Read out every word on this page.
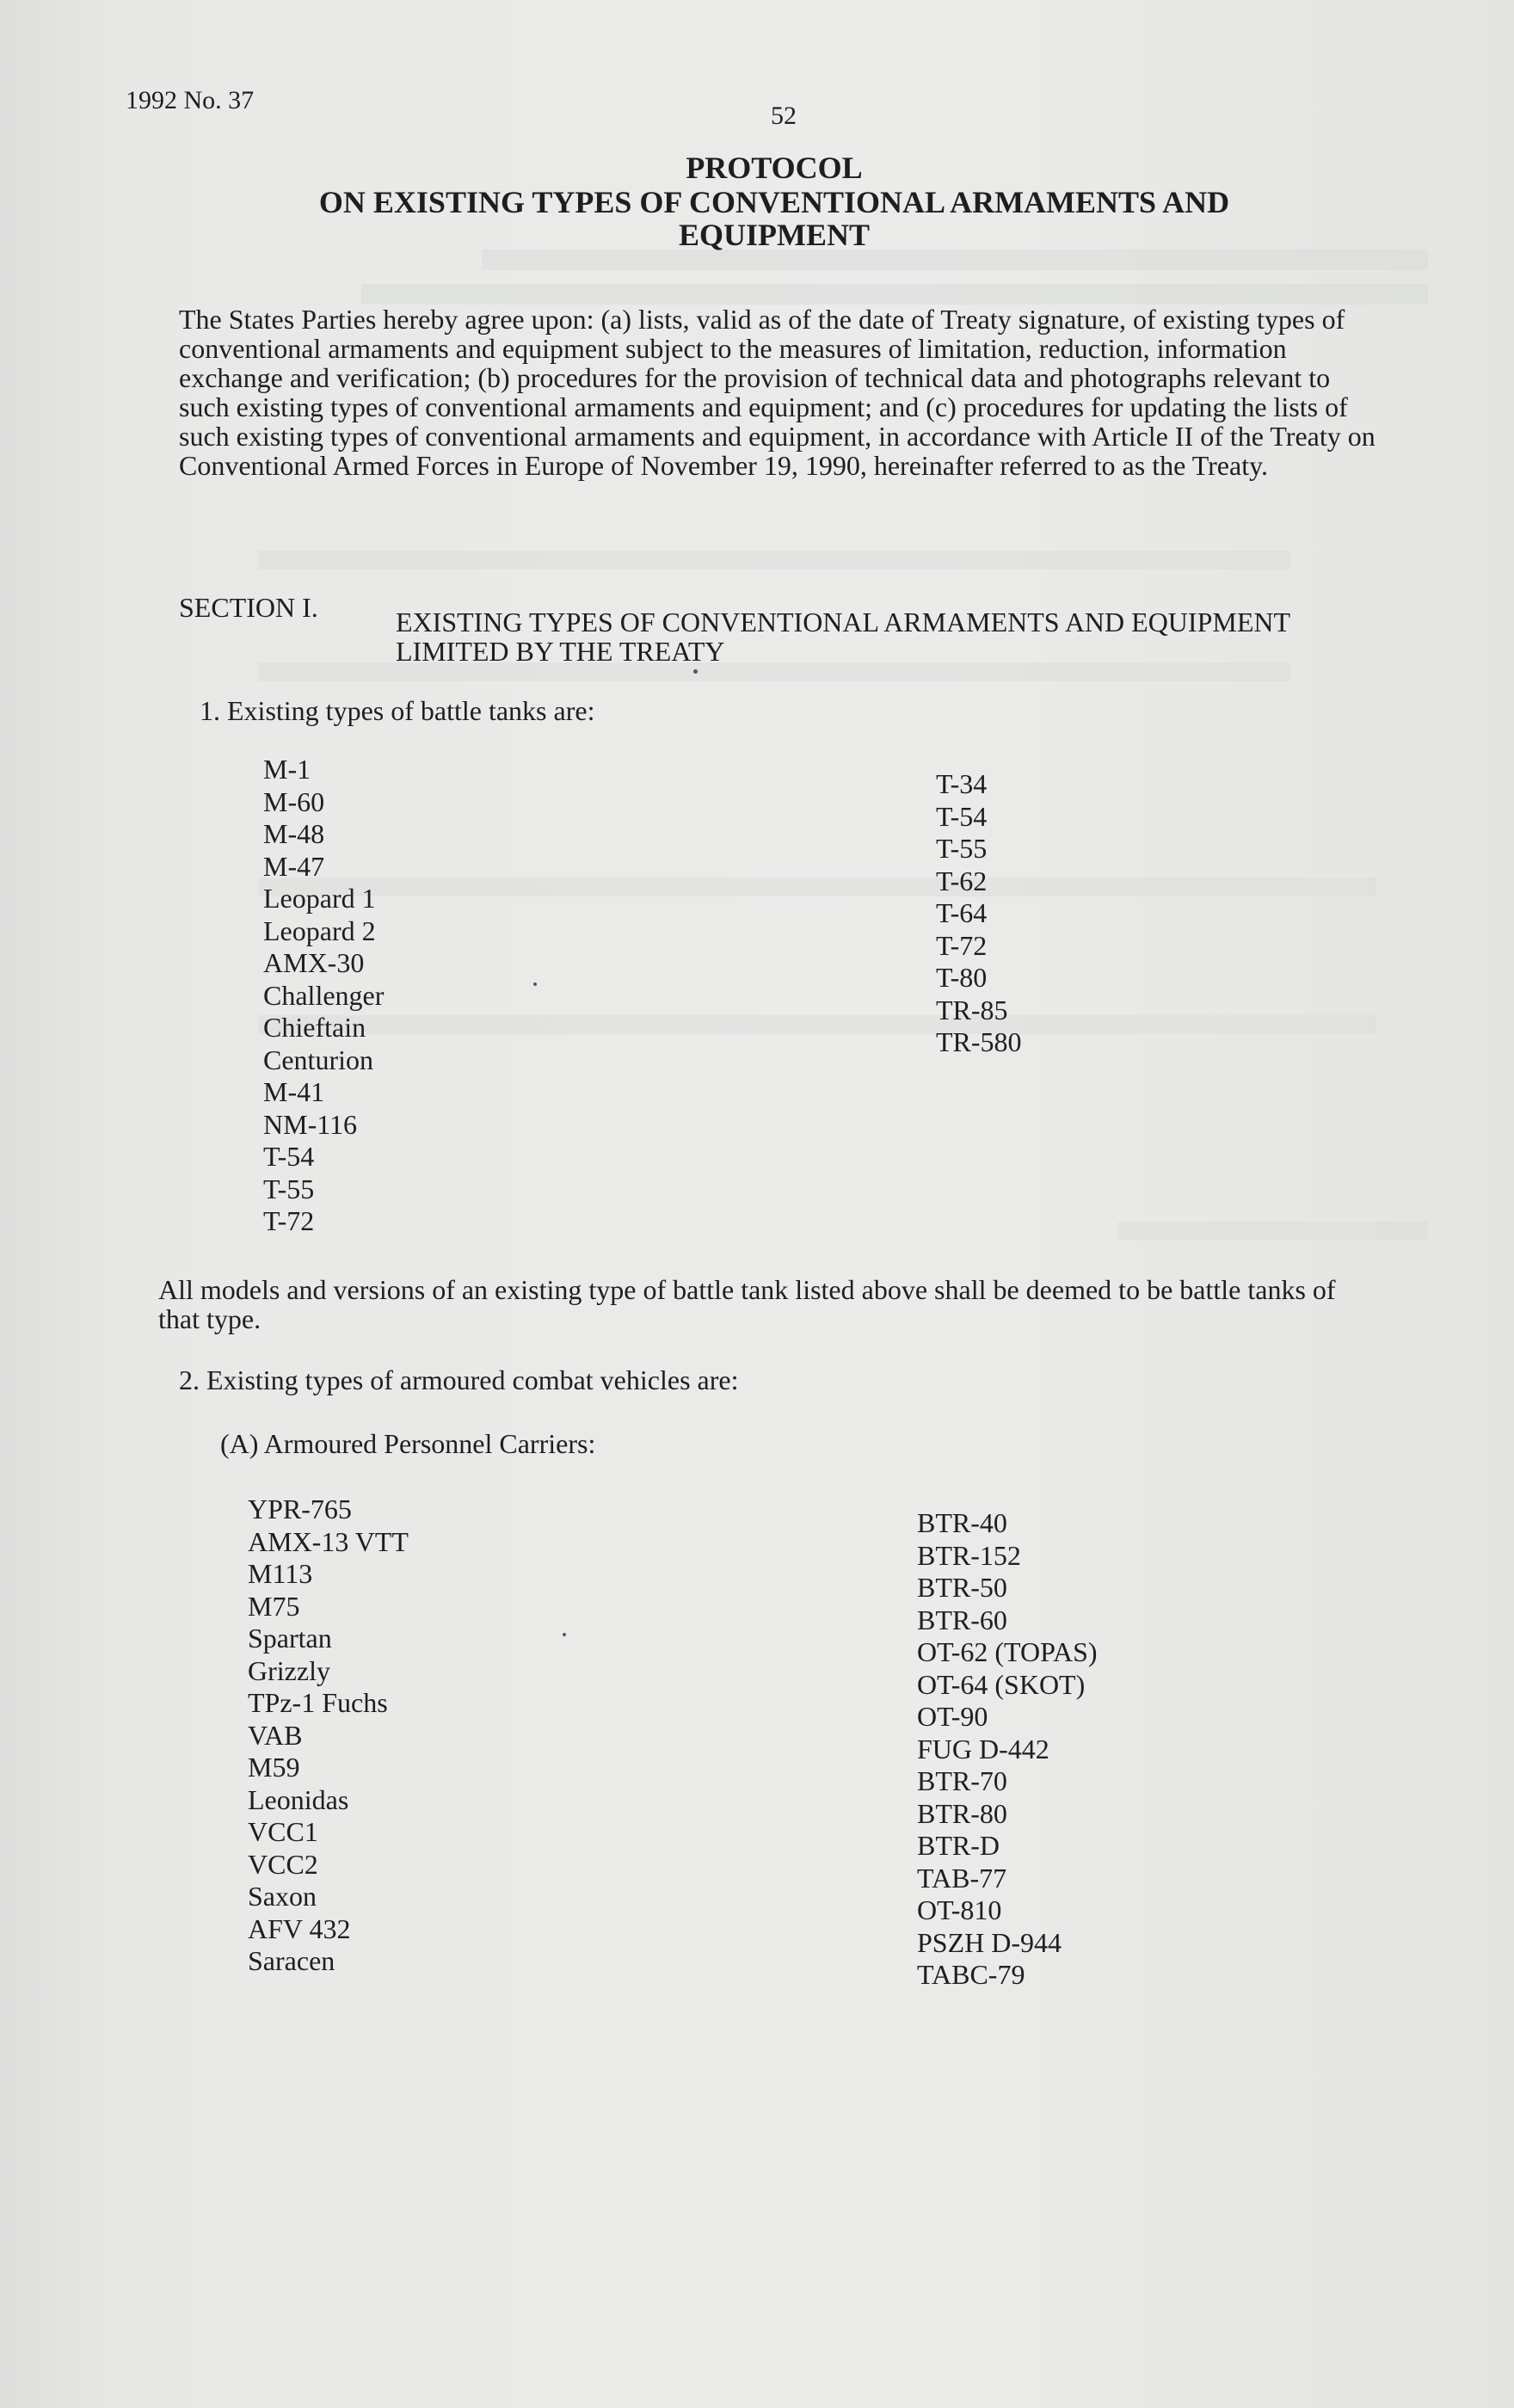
1992 No. 37
52
PROTOCOL
ON EXISTING TYPES OF CONVENTIONAL ARMAMENTS AND
EQUIPMENT

The States Parties hereby agree upon: (a) lists, valid as of the date of Treaty signature, of existing types of conventional armaments and equipment subject to the measures of limitation, reduction, information exchange and verification; (b) procedures for the provision of technical data and photographs relevant to such existing types of conventional armaments and equipment; and (c) procedures for updating the lists of such existing types of conventional armaments and equipment, in accordance with Article II of the Treaty on Conventional Armed Forces in Europe of November 19, 1990, hereinafter referred to as the Treaty.

SECTION I.	EXISTING TYPES OF CONVENTIONAL ARMAMENTS AND EQUIPMENT LIMITED BY THE TREATY
1. Existing types of battle tanks are:
M-1
M-60
M-48
M-47
Leopard 1
Leopard 2
AMX-30
Challenger
Chieftain
Centurion
M-41
NM-116
T-54
T-55
T-72
T-34
T-54
T-55
T-62
T-64
T-72
T-80
TR-85
TR-580
All models and versions of an existing type of battle tank listed above shall be deemed to be battle tanks of that type.
2. Existing types of armoured combat vehicles are:
(A) Armoured Personnel Carriers:
YPR-765
AMX-13 VTT
M113
M75
Spartan
Grizzly
TPz-1 Fuchs
VAB
M59
Leonidas
VCC1
VCC2
Saxon
AFV 432
Saracen
BTR-40
BTR-152
BTR-50
BTR-60
OT-62 (TOPAS)
OT-64 (SKOT)
OT-90
FUG D-442
BTR-70
BTR-80
BTR-D
TAB-77
OT-810
PSZH D-944
TABC-79
